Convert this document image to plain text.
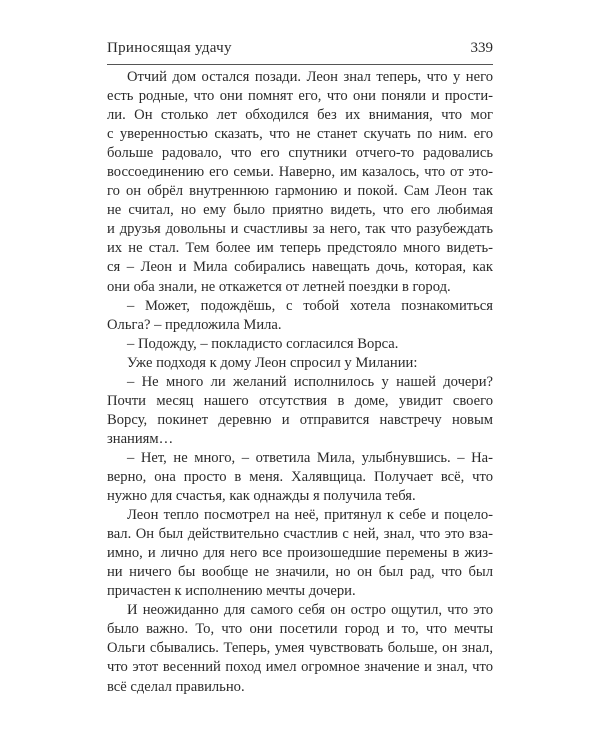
Приносящая удачу	339
Отчий дом остался позади. Леон знал теперь, что у него
есть родные, что они помнят его, что они поняли и прости-
ли. Он столько лет обходился без их внимания, что мог
с уверенностью сказать, что не станет скучать по ним. его
больше радовало, что его спутники отчего-то радовались
воссоединению его семьи. Наверно, им казалось, что от это-
го он обрёл внутреннюю гармонию и покой. Сам Леон так
не считал, но ему было приятно видеть, что его любимая
и друзья довольны и счастливы за него, так что разубеждать
их не стал. Тем более им теперь предстояло много видеть-
ся – Леон и Мила собирались навещать дочь, которая, как
они оба знали, не откажется от летней поездки в город.
– Может, подождёшь, с тобой хотела познакомиться
Ольга? – предложила Мила.
– Подожду, – покладисто согласился Ворса.
Уже подходя к дому Леон спросил у Милании:
– Не много ли желаний исполнилось у нашей дочери?
Почти месяц нашего отсутствия в доме, увидит своего
Ворсу, покинет деревню и отправится навстречу новым
знаниям…
– Нет, не много, – ответила Мила, улыбнувшись. – На-
верно, она просто в меня. Халявщица. Получает всё, что
нужно для счастья, как однажды я получила тебя.
Леон тепло посмотрел на неё, притянул к себе и поцело-
вал. Он был действительно счастлив с ней, знал, что это вза-
имно, и лично для него все произошедшие перемены в жиз-
ни ничего бы вообще не значили, но он был рад, что был
причастен к исполнению мечты дочери.
И неожиданно для самого себя он остро ощутил, что это
было важно. То, что они посетили город и то, что мечты
Ольги сбывались. Теперь, умея чувствовать больше, он знал,
что этот весенний поход имел огромное значение и знал, что
всё сделал правильно.
